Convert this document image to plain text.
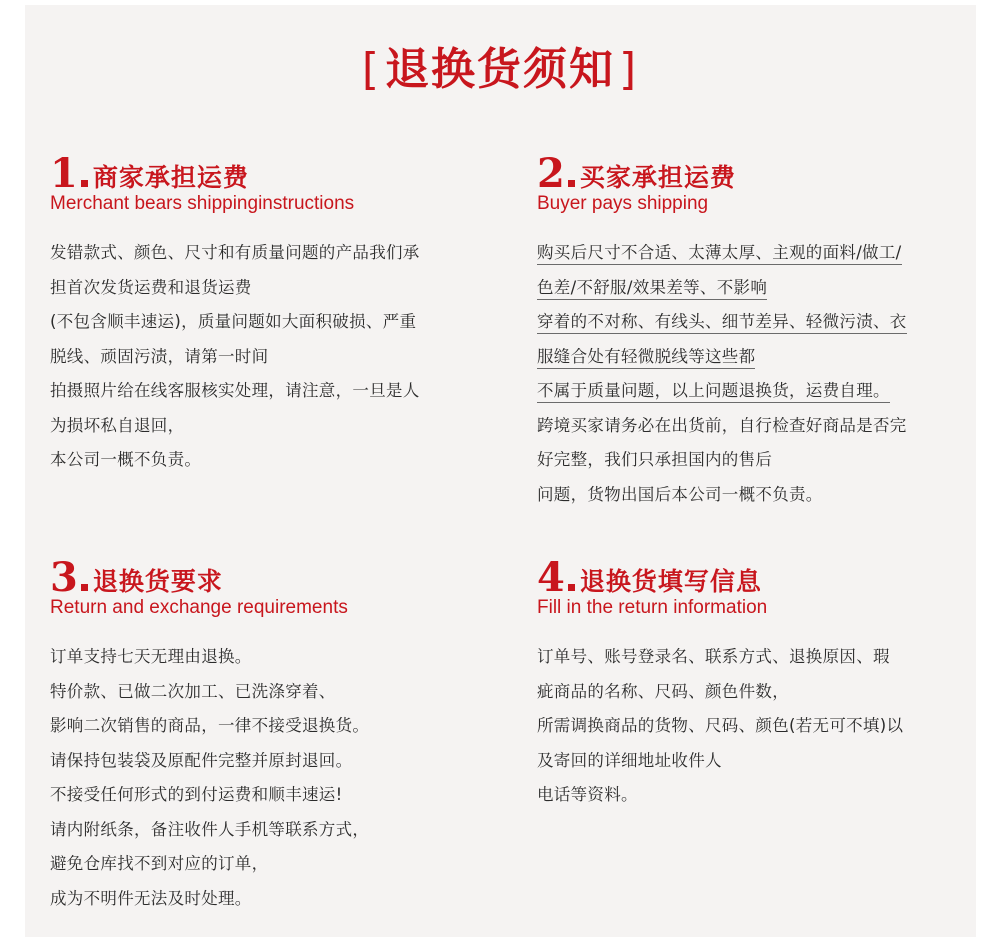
[退换货须知]
1 商家承担运费
Merchant bears shippinginstructions
发错款式、颜色、尺寸和有质量问题的产品我们承
担首次发货运费和退货运费
(不包含顺丰速运)，质量问题如大面积破损、严重
脱线、顽固污渍，请第一时间
拍摄照片给在线客服核实处理，请注意，一旦是人
为损坏私自退回，
本公司一概不负责。
2 买家承担运费
Buyer pays shipping
购买后尺寸不合适、太薄太厚、主观的面料/做工/
色差/不舒服/效果差等、不影响
穿着的不对称、有线头、细节差异、轻微污渍、衣
服缝合处有轻微脱线等这些都
不属于质量问题，以上问题退换货，运费自理。
跨境买家请务必在出货前，自行检查好商品是否完
好完整，我们只承担国内的售后
问题，货物出国后本公司一概不负责。
3 退换货要求
Return and exchange requirements
订单支持七天无理由退换。
特价款、已做二次加工、已洗涤穿着、
影响二次销售的商品，一律不接受退换货。
请保持包装袋及原配件完整并原封退回。
不接受任何形式的到付运费和顺丰速运!
请内附纸条，备注收件人手机等联系方式，
避免仓库找不到对应的订单，
成为不明件无法及时处理。
4 退换货填写信息
Fill in the return information
订单号、账号登录名、联系方式、退换原因、瑕
疵商品的名称、尺码、颜色件数，
所需调换商品的货物、尺码、颜色(若无可不填)以
及寄回的详细地址收件人
电话等资料。
